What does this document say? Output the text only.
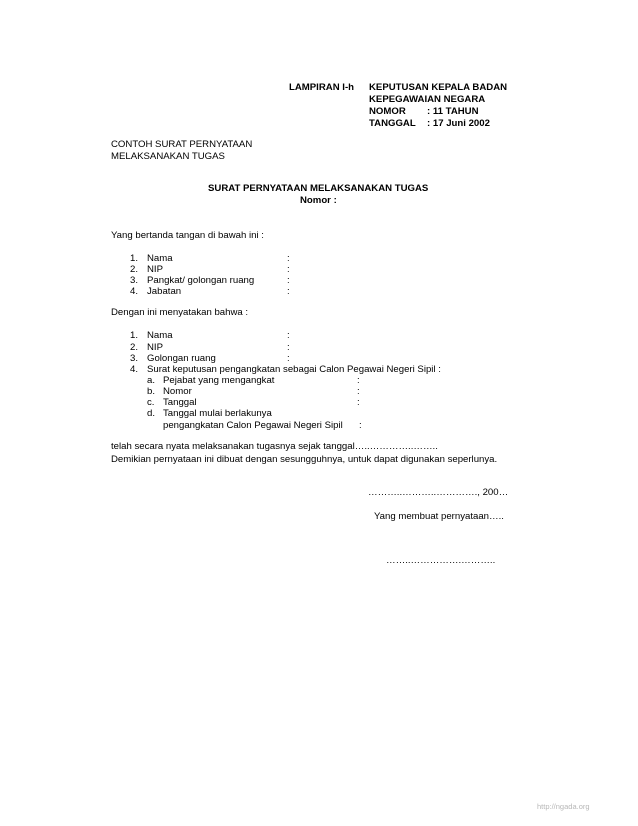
LAMPIRAN I-h KEPUTUSAN KEPALA BADAN
KEPEGAWAIAN NEGARA
NOMOR : 11 TAHUN
TANGGAL : 17 Juni 2002
CONTOH SURAT PERNYATAAN
MELAKSANAKAN TUGAS
SURAT PERNYATAAN MELAKSANAKAN TUGAS
Nomor :
Yang bertanda tangan di bawah ini :
1. Nama	:
2. NIP	:
3. Pangkat/ golongan ruang	:
4. Jabatan	:
Dengan ini menyatakan bahwa :
1. Nama	:
2. NIP	:
3. Golongan ruang	:
4. Surat keputusan pengangkatan sebagai Calon Pegawai Negeri Sipil :
a. Pejabat yang mengangkat	:
b. Nomor	:
c. Tanggal	:
d. Tanggal mulai berlakunya
pengangkatan Calon Pegawai Negeri Sipil :
telah secara nyata melaksanakan tugasnya sejak tanggal…..…………..……..
Demikian pernyataan ini dibuat dengan sesungguhnya, untuk dapat digunakan seperlunya.
………..………..…………., 200…
Yang membuat pernyataan…..
……..…………….………..
http://ngada.org
